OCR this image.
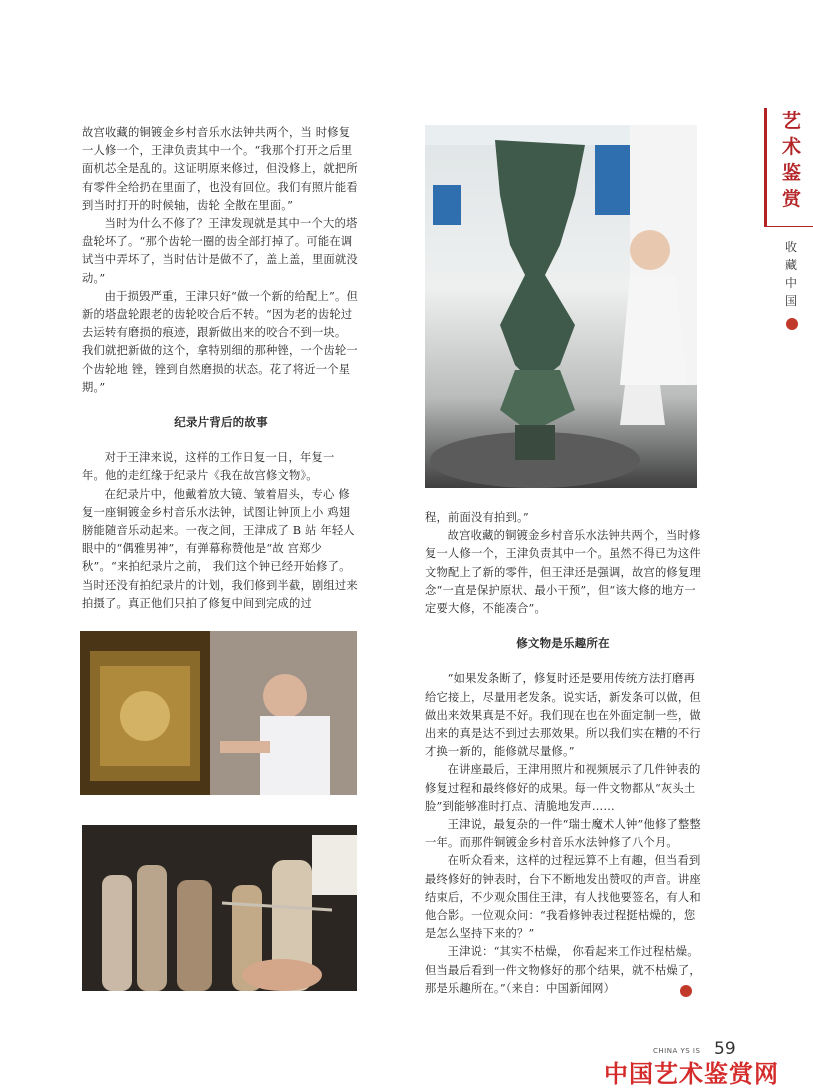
艺
术
鉴
赏
收
藏
中
国

故宫收藏的铜镀金乡村音乐水法钟共两个，当 时修复一人修一个，王津负责其中一个。“我那个打开之后里面机芯全是乱的。这证明原来修过，但没修上，就把所有零件全给扔在里面了，也没有回位。我们有照片能看到当时打开的时候轴，齿轮 全散在里面。”

当时为什么不修了？王津发现就是其中一个大的塔盘轮坏了。“那个齿轮一圈的齿全部打掉了。可能在调试当中弄坏了，当时估计是做不了，盖上盖，里面就没动。”

由于损毁严重，王津只好“做一个新的给配上”。但新的塔盘轮跟老的齿轮咬合后不转。“因为老的齿轮过去运转有磨损的痕迹，跟新做出来的咬合不到一块。 我们就把新做的这个，拿特别细的那种锉，一个齿轮一个齿轮地 锉，锉到自然磨损的状态。花了将近一个星期。”

纪录片背后的故事

对于王津来说，这样的工作日复一日，年复一 年。他的走红缘于纪录片《我在故宫修文物》。

在纪录片中，他戴着放大镜、皱着眉头，专心 修复一座铜镀金乡村音乐水法钟，试图让钟顶上小 鸡翅膀能随音乐动起来。一夜之间，王津成了 B 站 年轻人眼中的“偶雅男神”，有弹幕称赞他是“故 宫郑少秋”。“来拍纪录片之前， 我们这个钟已经开始修了。当时还没有拍纪录片的计划，我们修到半截，剧组过来拍摄了。真正他们只拍了修复中间到完成的过

程，前面没有拍到。”

故宫收藏的铜镀金乡村音乐水法钟共两个，当时修复一人修一个，王津负责其中一个。虽然不得已为这件文物配上了新的零件，但王津还是强调，故宫的修复理念“一直是保护原状、最小干预”，但“该大修的地方一定要大修，不能凑合”。

修文物是乐趣所在

“如果发条断了，修复时还是要用传统方法打磨再给它接上，尽量用老发条。说实话，新发条可以做，但做出来效果真是不好。我们现在也在外面定制一些，做出来的真是达不到过去那效果。所以我们实在糟的不行才换一新的，能修就尽量修。”

在讲座最后，王津用照片和视频展示了几件钟表的修复过程和最终修好的成果。每一件文物都从“灰头土脸”到能够准时打点、清脆地发声……

王津说，最复杂的一件“瑞士魔术人钟”他修了整整一年。而那件铜镀金乡村音乐水法钟修了八个月。

在听众看来，这样的过程远算不上有趣，但当看到最终修好的钟表时，台下不断地发出赞叹的声音。讲座结束后，不少观众围住王津，有人找他要签名，有人和他合影。一位观众问：“我看修钟表过程挺枯燥的，您是怎么坚持下来的？”

王津说：“其实不枯燥， 你看起来工作过程枯燥。但当最后看到一件文物修好的那个结果，就不枯燥了，那是乐趣所在。”（来自：中国新闻网）

CHINA YS IS 59
中国艺术鉴赏网
